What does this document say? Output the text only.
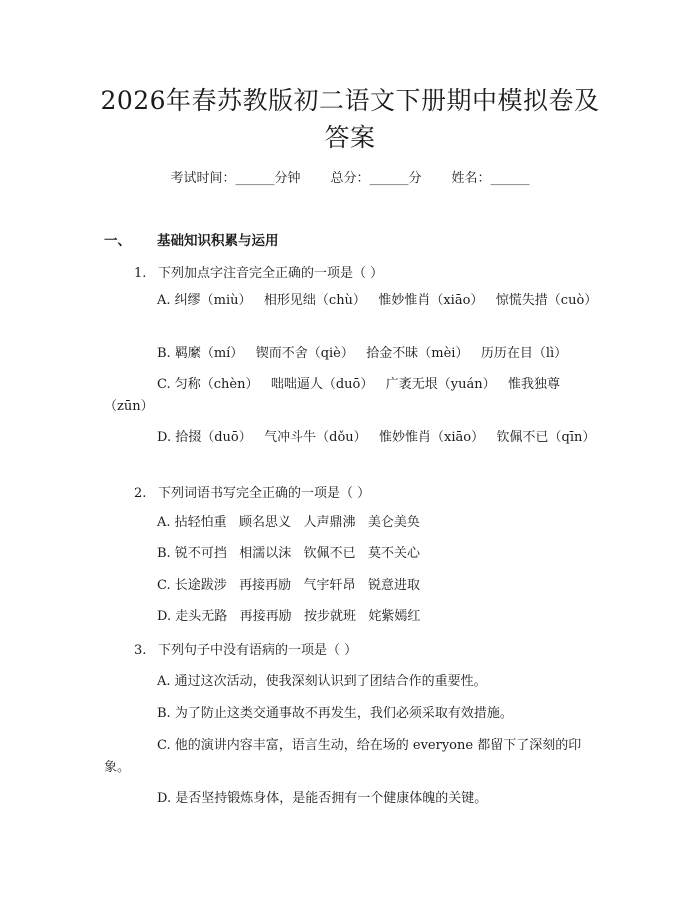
2026年春苏教版初二语文下册期中模拟卷及答案
考试时间：______分钟 总分：______分 姓名：______
一、 基础知识积累与运用
1. 下列加点字注音完全正确的一项是（ ）
A. 纠缪（miù）   相形见绌（chù）   惟妙惟肖（xiāo）   惊慌失措（cuò）
B. 羁縻（mí）   锲而不舍（qiè）   拾金不昧（mèi）   历历在目（lì）
C. 匀称（chèn）   咄咄逼人（duō）   广袤无垠（yuán）   惟我独尊（zūn）
D. 拾掇（duō）   气冲斗牛（dǒu）   惟妙惟肖（xiāo）   钦佩不已（qīn）
2. 下列词语书写完全正确的一项是（ ）
A. 拈轻怕重   顾名思义   人声鼎沸   美仑美奂
B. 锐不可挡   相濡以沫   钦佩不已   莫不关心
C. 长途跋涉   再接再励   气宇轩昂   锐意进取
D. 走头无路   再接再励   按步就班   姹紫嫣红
3. 下列句子中没有语病的一项是（ ）
A. 通过这次活动，使我深刻认识到了团结合作的重要性。
B. 为了防止这类交通事故不再发生，我们必须采取有效措施。
C. 他的演讲内容丰富，语言生动，给在场的 everyone 都留下了深刻的印象。
D. 是否坚持锻炼身体，是能否拥有一个健康体魄的关键。
